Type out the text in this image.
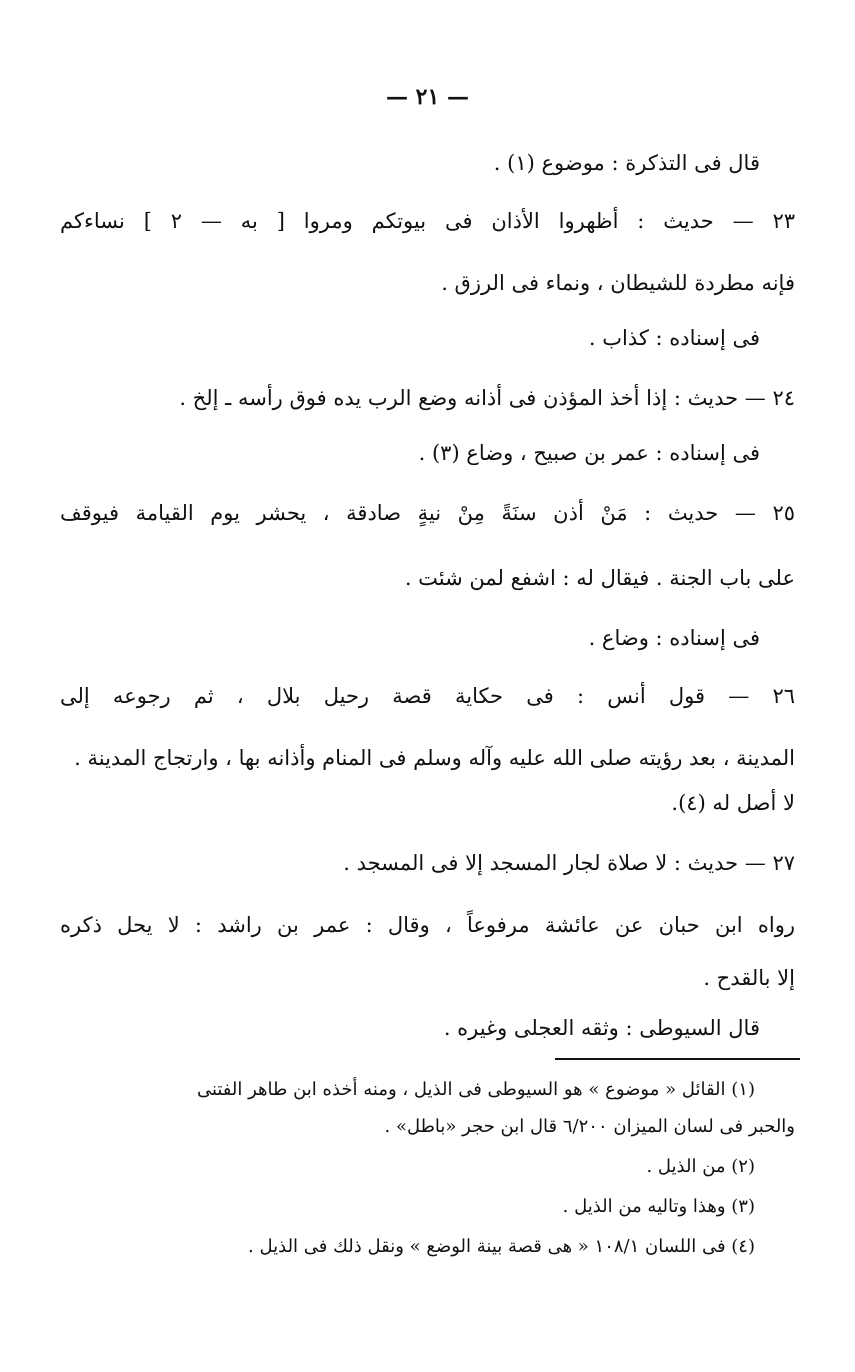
— ٢١ —
قال فى التذكرة : موضوع (١) .
٢٣ — حديث : أظهروا الأذان فى بيوتكم ومروا [ به — ٢ ] نساءكم
فإنه مطردة للشيطان ، ونماء فى الرزق .
فى إسناده : كذاب .
٢٤ — حديث : إذا أخذ المؤذن فى أذانه وضع الرب يده فوق رأسه ـ إلخ .
فى إسناده : عمر بن صبيح ، وضاع (٣) .
٢٥ — حديث : مَنْ أذن سنَةً مِنْ نيةٍ صادقة ، يحشر يوم القيامة فيوقف
على باب الجنة . فيقال له : اشفع لمن شئت .
فى إسناده : وضاع .
٢٦ — قول أنس : فى حكاية قصة رحيل بلال ، ثم رجوعه إلى
المدينة ، بعد رؤيته صلى الله عليه وآله وسلم فى المنام وأذانه بها ، وارتجاج المدينة .
لا أصل له (٤).
٢٧ — حديث : لا صلاة لجار المسجد إلا فى المسجد .
رواه ابن حبان عن عائشة مرفوعاً ، وقال : عمر بن راشد : لا يحل ذكره
إلا بالقدح .
قال السيوطى : وثقه العجلى وغيره .
(١) القائل « موضوع » هو السيوطى فى الذيل ، ومنه أخذه ابن طاهر الفتنى
والحبر فى لسان الميزان ٦/٢٠٠ قال ابن حجر «باطل» .
(٢) من الذيل .
(٣) وهذا وتاليه من الذيل .
(٤) فى اللسان ١٠٨/١ « هى قصة بينة الوضع » ونقل ذلك فى الذيل .
